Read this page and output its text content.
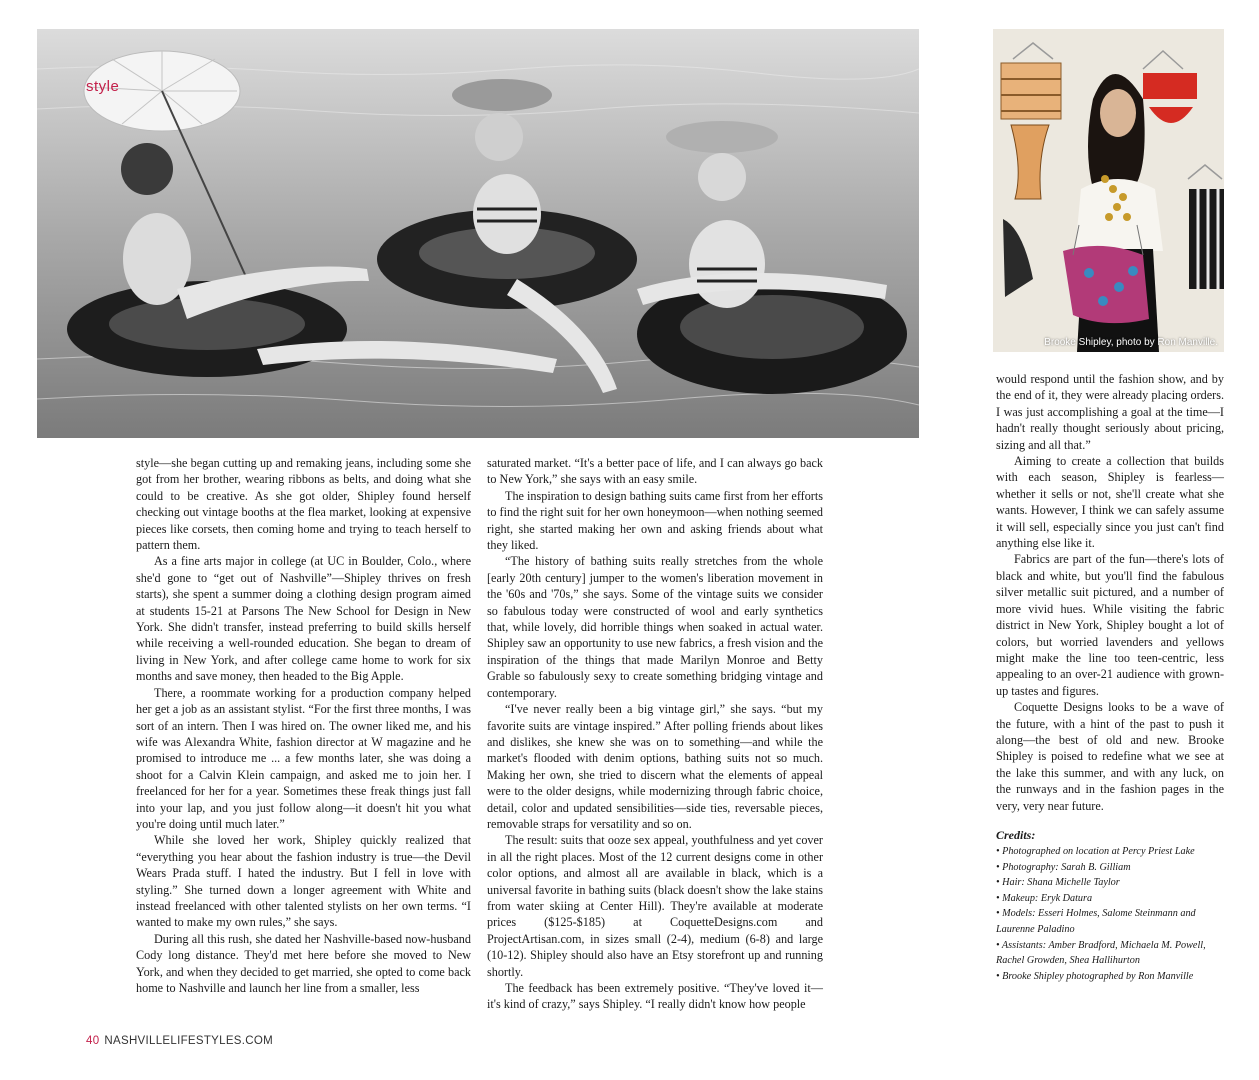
style
Brooke Shipley, photo by Ron Manville.

style—she began cutting up and remaking jeans, including some she got from her brother, wearing ribbons as belts, and doing what she could to be creative. As she got older, Shipley found herself checking out vintage booths at the flea market, looking at expensive pieces like corsets, then coming home and trying to teach herself to pattern them.

As a fine arts major in college (at UC in Boulder, Colo., where she'd gone to “get out of Nashville”—Shipley thrives on fresh starts), she spent a summer doing a clothing design program aimed at students 15-21 at Parsons The New School for Design in New York. She didn't transfer, instead preferring to build skills herself while receiving a well-rounded education. She began to dream of living in New York, and after college came home to work for six months and save money, then headed to the Big Apple.

There, a roommate working for a production company helped her get a job as an assistant stylist. “For the first three months, I was sort of an intern. Then I was hired on. The owner liked me, and his wife was Alexandra White, fashion director at W magazine and he promised to introduce me ... a few months later, she was doing a shoot for a Calvin Klein campaign, and asked me to join her. I freelanced for her for a year. Sometimes these freak things just fall into your lap, and you just follow along—it doesn't hit you what you're doing until much later.”

While she loved her work, Shipley quickly realized that “everything you hear about the fashion industry is true—the Devil Wears Prada stuff. I hated the industry. But I fell in love with styling.” She turned down a longer agreement with White and instead freelanced with other talented stylists on her own terms. “I wanted to make my own rules,” she says.

During all this rush, she dated her Nashville-based now-husband Cody long distance. They'd met here before she moved to New York, and when they decided to get married, she opted to come back home to Nashville and launch her line from a smaller, less

saturated market. “It's a better pace of life, and I can always go back to New York,” she says with an easy smile.

The inspiration to design bathing suits came first from her efforts to find the right suit for her own honeymoon—when nothing seemed right, she started making her own and asking friends about what they liked.

“The history of bathing suits really stretches from the whole [early 20th century] jumper to the women's liberation movement in the '60s and '70s,” she says. Some of the vintage suits we consider so fabulous today were constructed of wool and early synthetics that, while lovely, did horrible things when soaked in actual water. Shipley saw an opportunity to use new fabrics, a fresh vision and the inspiration of the things that made Marilyn Monroe and Betty Grable so fabulously sexy to create something bridging vintage and contemporary.

“I've never really been a big vintage girl,” she says. “but my favorite suits are vintage inspired.” After polling friends about likes and dislikes, she knew she was on to something—and while the market's flooded with denim options, bathing suits not so much. Making her own, she tried to discern what the elements of appeal were to the older designs, while modernizing through fabric choice, detail, color and updated sensibilities—side ties, reversable pieces, removable straps for versatility and so on.

The result: suits that ooze sex appeal, youthfulness and yet cover in all the right places. Most of the 12 current designs come in other color options, and almost all are available in black, which is a universal favorite in bathing suits (black doesn't show the lake stains from water skiing at Center Hill). They're available at moderate prices ($125-$185) at CoquetteDesigns.com and ProjectArtisan.com, in sizes small (2-4), medium (6-8) and large (10-12). Shipley should also have an Etsy storefront up and running shortly.

The feedback has been extremely positive. “They've loved it—it's kind of crazy,” says Shipley. “I really didn't know how people

would respond until the fashion show, and by the end of it, they were already placing orders. I was just accomplishing a goal at the time—I hadn't really thought seriously about pricing, sizing and all that.”

Aiming to create a collection that builds with each season, Shipley is fearless—whether it sells or not, she'll create what she wants. However, I think we can safely assume it will sell, especially since you just can't find anything else like it.

Fabrics are part of the fun—there's lots of black and white, but you'll find the fabulous silver metallic suit pictured, and a number of more vivid hues. While visiting the fabric district in New York, Shipley bought a lot of colors, but worried lavenders and yellows might make the line too teen-centric, less appealing to an over-21 audience with grown-up tastes and figures.

Coquette Designs looks to be a wave of the future, with a hint of the past to push it along—the best of old and new. Brooke Shipley is poised to redefine what we see at the lake this summer, and with any luck, on the runways and in the fashion pages in the very, very near future.

Credits:
• Photographed on location at Percy Priest Lake
• Photography: Sarah B. Gilliam
• Hair: Shana Michelle Taylor
• Makeup: Eryk Datura
• Models: Esseri Holmes, Salome Steinmann and Laurenne Paladino
• Assistants: Amber Bradford, Michaela M. Powell, Rachel Growden, Shea Hallihurton
• Brooke Shipley photographed by Ron Manville
40 NASHVILLELIFESTYLES.COM
